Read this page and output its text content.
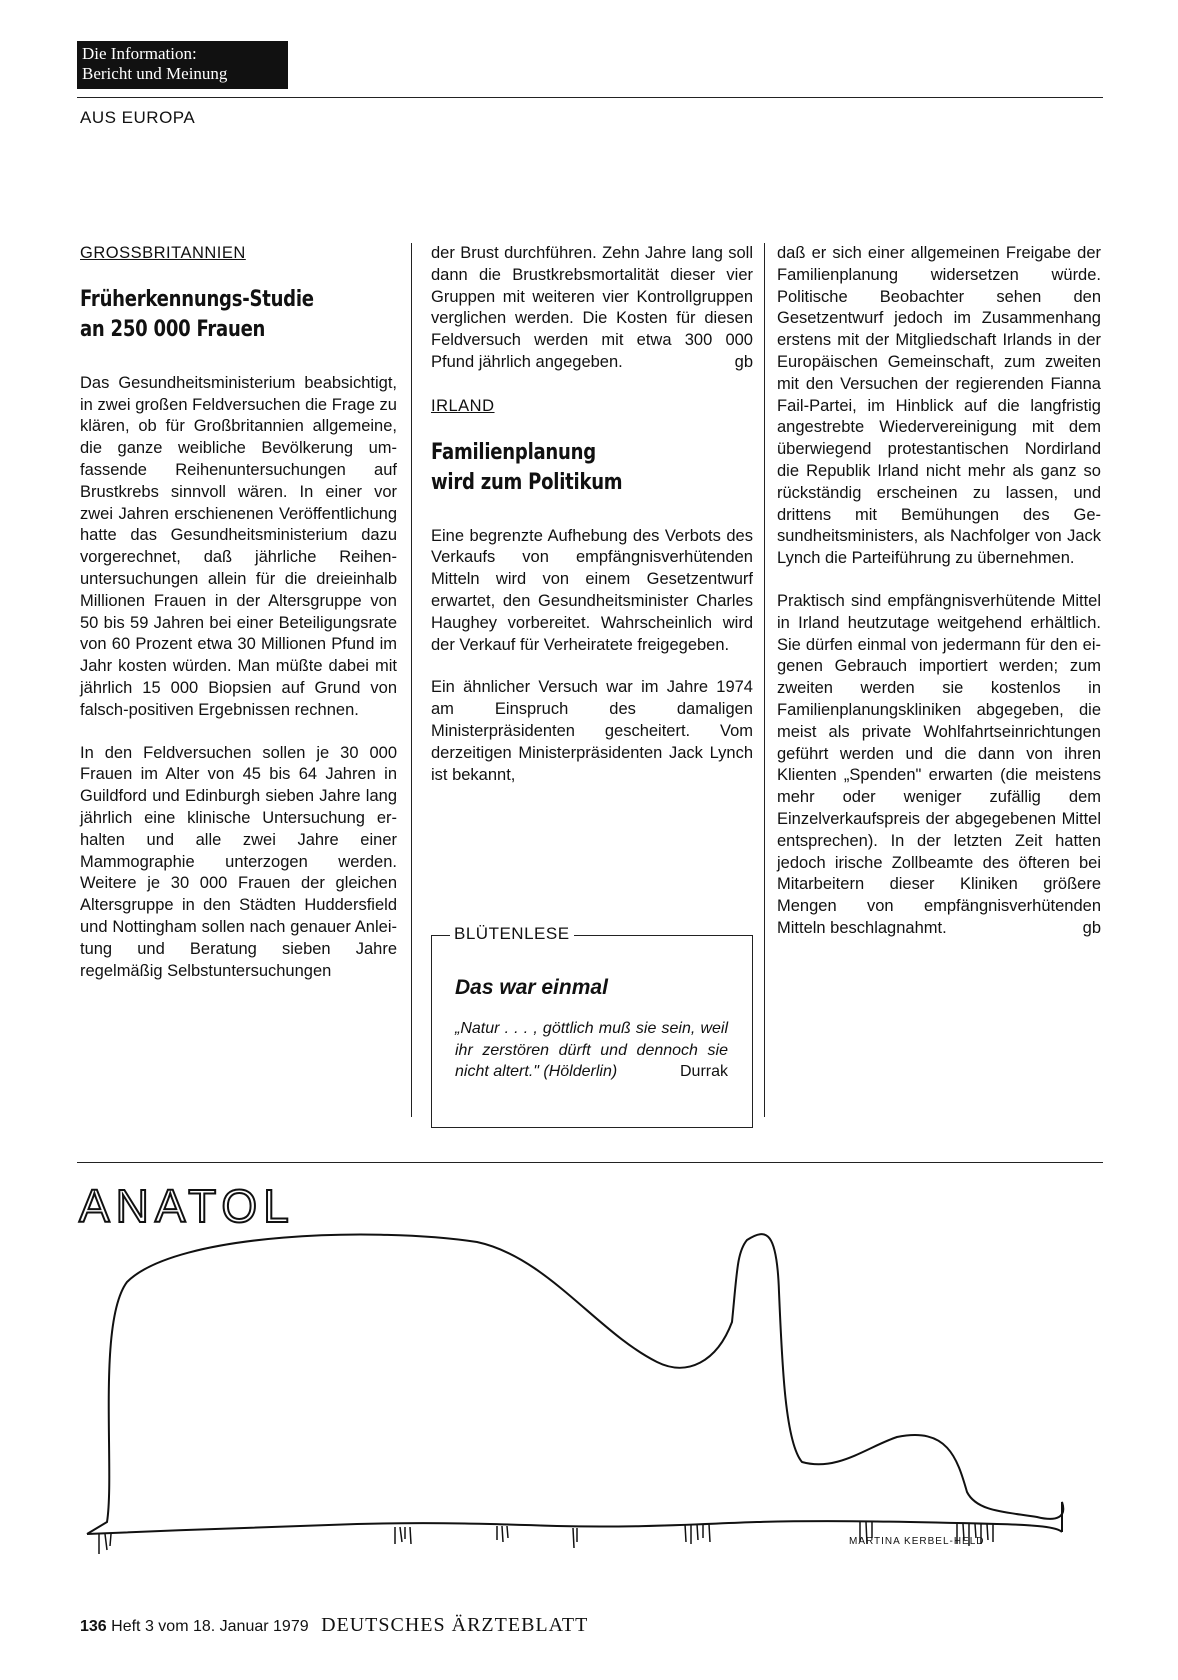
Die Information:
Bericht und Meinung
AUS EUROPA
GROSSBRITANNIEN
Früherkennungs-Studie
an 250 000 Frauen

Das Gesundheitsministerium beabsichtigt, in zwei großen Feldversuchen die Frage zu klären, ob für Großbritannien allgemeine, die ganze weibliche Bevölkerung umfassende Reihenuntersuchungen auf Brustkrebs sinnvoll wären. In einer vor zwei Jahren erschienenen Veröffentlichung hatte das Gesundheitsministerium dazu vorgerechnet, daß jährliche Reihenuntersuchungen allein für die dreieinhalb Millionen Frauen in der Altersgruppe von 50 bis 59 Jahren bei einer Beteiligungsrate von 60 Prozent etwa 30 Millionen Pfund im Jahr kosten würden. Man müßte dabei mit jährlich 15 000 Biopsien auf Grund von falsch-positiven Ergebnissen rechnen.

In den Feldversuchen sollen je 30 000 Frauen im Alter von 45 bis 64 Jahren in Guildford und Edinburgh sieben Jahre lang jährlich eine klinische Untersuchung erhalten und alle zwei Jahre einer Mammographie unterzogen werden. Weitere je 30 000 Frauen der gleichen Altersgruppe in den Städten Huddersfield und Nottingham sollen nach genauer Anleitung und Beratung sieben Jahre regelmäßig Selbstuntersuchungen

der Brust durchführen. Zehn Jahre lang soll dann die Brustkrebsmortalität dieser vier Gruppen mit weiteren vier Kontrollgruppen verglichen werden. Die Kosten für diesen Feldversuch werden mit etwa 300 000 Pfund jährlich angegeben.	gb

IRLAND
Familienplanung
wird zum Politikum

Eine begrenzte Aufhebung des Verbots des Verkaufs von empfängnisverhütenden Mitteln wird von einem Gesetzentwurf erwartet, den Gesundheitsminister Charles Haughey vorbereitet. Wahrscheinlich wird der Verkauf für Verheiratete freigegeben.

Ein ähnlicher Versuch war im Jahre 1974 am Einspruch des damaligen Ministerpräsidenten gescheitert. Vom derzeitigen Ministerpräsidenten Jack Lynch ist bekannt,

BLÜTENLESE
Das war einmal
„Natur . . . , göttlich muß sie sein, weil ihr zerstören dürft und dennoch sie nicht altert." (Hölderlin)	Durrak

daß er sich einer allgemeinen Freigabe der Familienplanung widersetzen würde. Politische Beobachter sehen den Gesetzentwurf jedoch im Zusammenhang erstens mit der Mitgliedschaft Irlands in der Europäischen Gemeinschaft, zum zweiten mit den Versuchen der regierenden Fianna Fail-Partei, im Hinblick auf die langfristig angestrebte Wiedervereinigung mit dem überwiegend protestantischen Nordirland die Republik Irland nicht mehr als ganz so rückständig erscheinen zu lassen, und drittens mit Bemühungen des Gesundheitsministers, als Nachfolger von Jack Lynch die Parteiführung zu übernehmen.

Praktisch sind empfängnisverhütende Mittel in Irland heutzutage weitgehend erhältlich. Sie dürfen einmal von jedermann für den eigenen Gebrauch importiert werden; zum zweiten werden sie kostenlos in Familienplanungskliniken abgegeben, die meist als private Wohlfahrtseinrichtungen geführt werden und die dann von ihren Klienten „Spenden" erwarten (die meistens mehr oder weniger zufällig dem Einzelverkaufspreis der abgegebenen Mittel entsprechen). In der letzten Zeit hatten jedoch irische Zollbeamte des öfteren bei Mitarbeitern dieser Kliniken größere Mengen von empfängnisverhütenden Mitteln beschlagnahmt.	gb

ANATOL
MARTINA KERBEL-HELD
136 Heft 3 vom 18. Januar 1979 DEUTSCHES ÄRZTEBLATT
